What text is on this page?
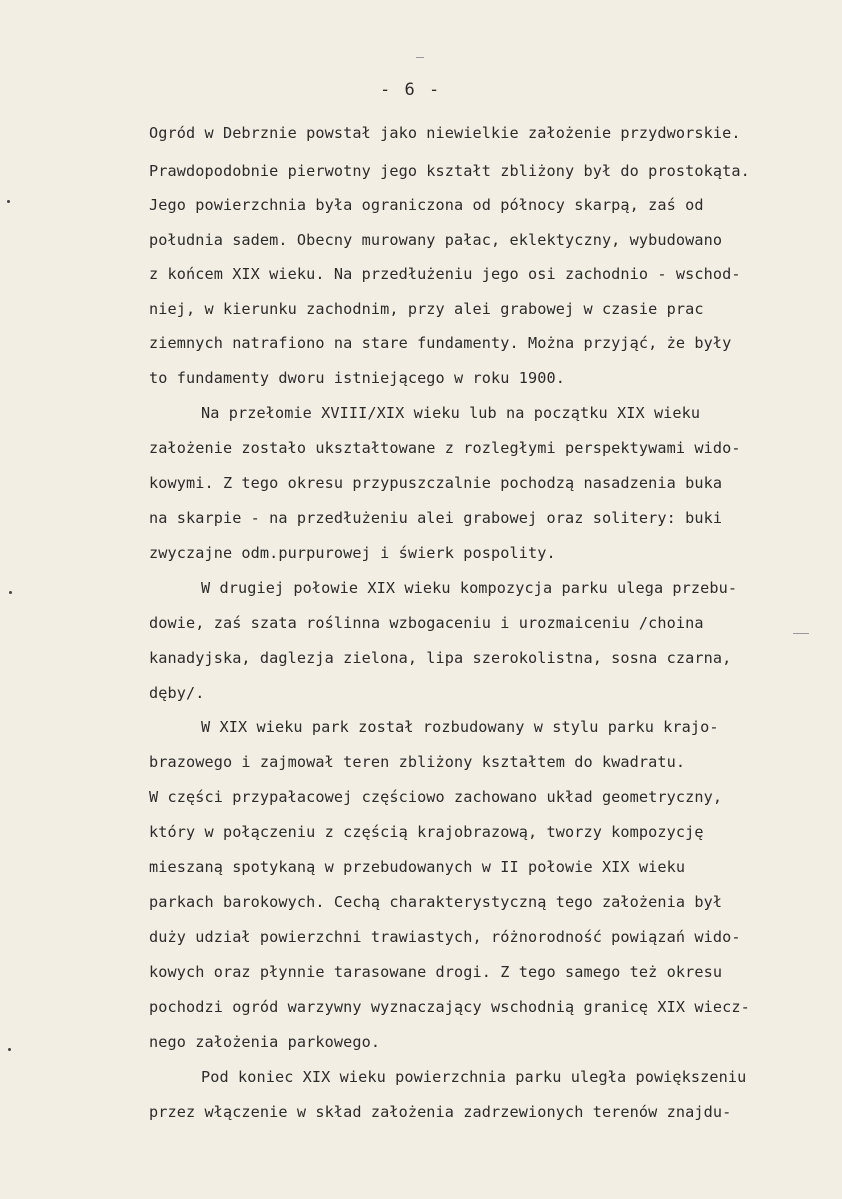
- 6 -
Ogród w Debrznie powstał jako niewielkie założenie przydworskie.
Prawdopodobnie pierwotny jego kształt zbliżony był do prostokąta.
Jego powierzchnia była ograniczona od północy skarpą, zaś od
południa sadem. Obecny murowany pałac, eklektyczny, wybudowano
z końcem XIX wieku. Na przedłużeniu jego osi zachodnio - wschod-
niej, w kierunku zachodnim, przy alei grabowej w czasie prac
ziemnych natrafiono na stare fundamenty. Można przyjąć, że były
to fundamenty dworu istniejącego w roku 1900.
Na przełomie XVIII/XIX wieku lub na początku XIX wieku
założenie zostało ukształtowane z rozległymi perspektywami wido-
kowymi. Z tego okresu przypuszczalnie pochodzą nasadzenia buka
na skarpie - na przedłużeniu alei grabowej oraz solitery: buki
zwyczajne odm.purpurowej i świerk pospolity.
W drugiej połowie XIX wieku kompozycja parku ulega przebu-
dowie, zaś szata roślinna wzbogaceniu i urozmaiceniu /choina
kanadyjska, daglezja zielona, lipa szerokolistna, sosna czarna,
dęby/.
W XIX wieku park został rozbudowany w stylu parku krajo-
brazowego i zajmował teren zbliżony kształtem do kwadratu.
W części przypałacowej częściowo zachowano układ geometryczny,
który w połączeniu z częścią krajobrazową, tworzy kompozycję
mieszaną spotykaną w przebudowanych w II połowie XIX wieku
parkach barokowych. Cechą charakterystyczną tego założenia był
duży udział powierzchni trawiastych, różnorodność powiązań wido-
kowych oraz płynnie tarasowane drogi. Z tego samego też okresu
pochodzi ogród warzywny wyznaczający wschodnią granicę XIX wiecz-
nego założenia parkowego.
Pod koniec XIX wieku powierzchnia parku uległa powiększeniu
przez włączenie w skład założenia zadrzewionych terenów znajdu-
